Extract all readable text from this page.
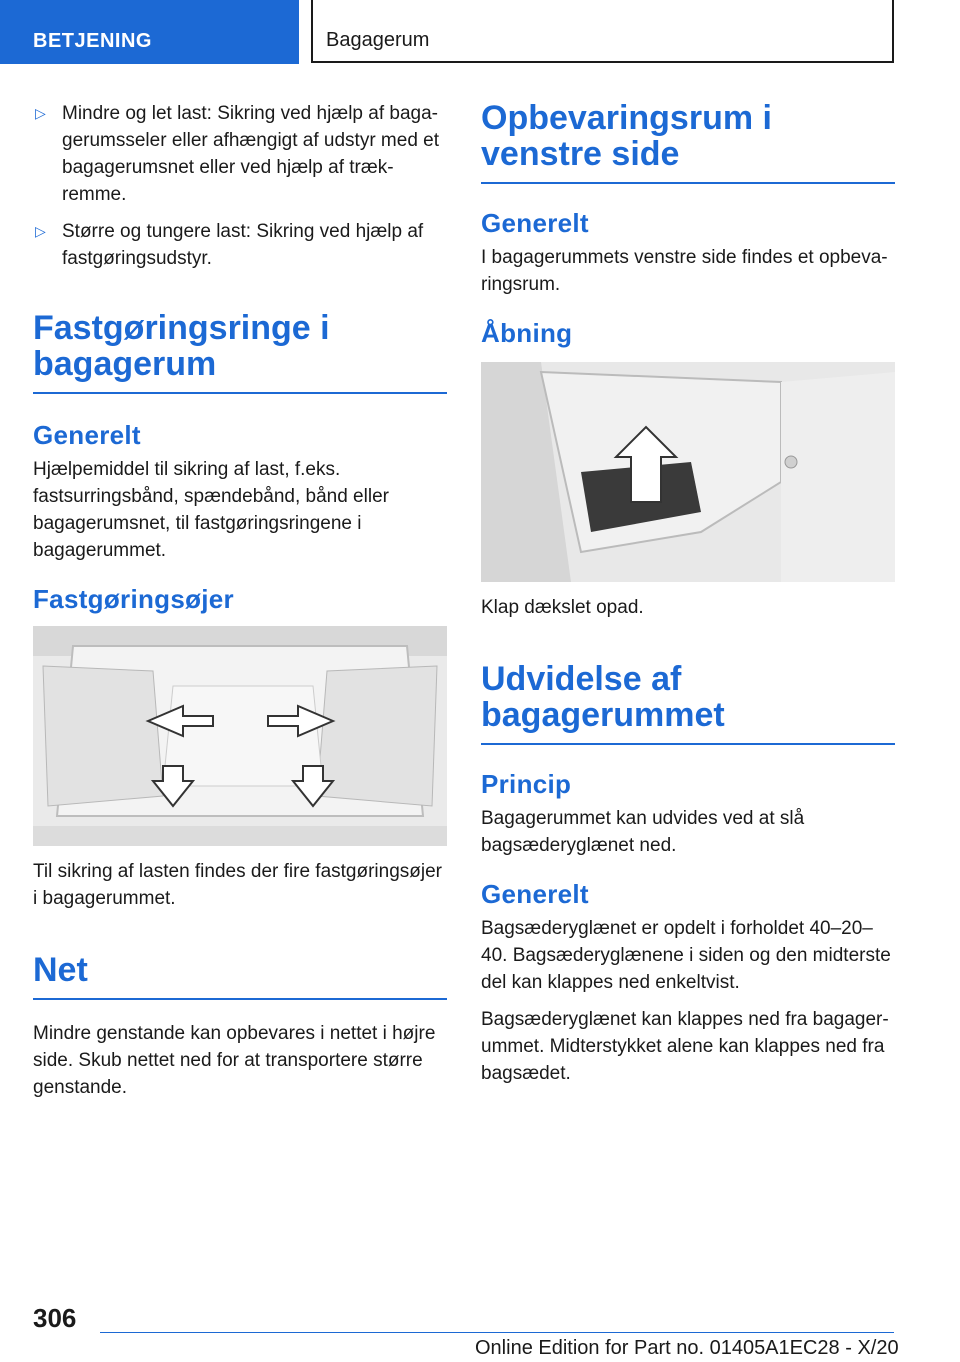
BETJENING	Bagagerum
▷ Mindre og let last: Sikring ved hjælp af bagagerumsseler eller afhængigt af udstyr med et bagagerumsnet eller ved hjælp af trækremme.
▷ Større og tungere last: Sikring ved hjælp af fastgøringsudstyr.
Fastgøringsringe i bagagerum
Generelt

Hjælpemiddel til sikring af last, f.eks. fastsurringsbånd, spændebånd, bånd eller bagagerumsnet, til fastgøringsringene i bagagerummet.

Fastgøringsøjer

Til sikring af lasten findes der fire fastgøringsøjer i bagagerummet.

Net

Mindre genstande kan opbevares i nettet i højre side. Skub nettet ned for at transportere større genstande.

Opbevaringsrum i venstre side
Generelt

I bagagerummets venstre side findes et opbevaringsrum.

Åbning

Klap dækslet opad.

Udvidelse af bagagerummet
Princip

Bagagerummet kan udvides ved at slå bagsæderyglænet ned.

Generelt

Bagsæderyglænet er opdelt i forholdet 40–20–40. Bagsæderyglænene i siden og den midterste del kan klappes ned enkeltvist.

Bagsæderyglænet kan klappes ned fra bagagerummet. Midterstykket alene kan klappes ned fra bagsædet.

306
Online Edition for Part no. 01405A1EC28 - X/20
